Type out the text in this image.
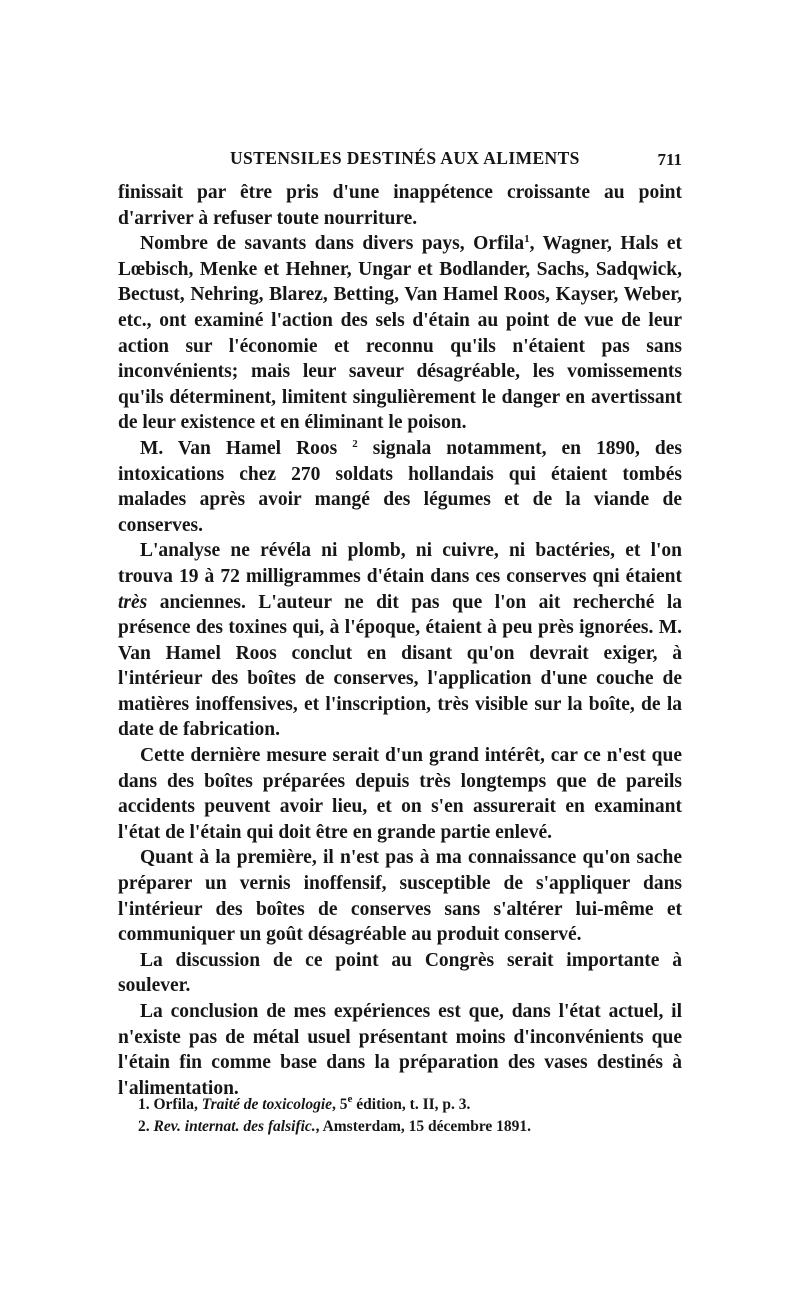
USTENSILES DESTINÉS AUX ALIMENTS	711

finissait par être pris d'une inappétence croissante au point d'arriver à refuser toute nourriture.

Nombre de savants dans divers pays, Orfila$^1$, Wagner, Hals et Lœbisch, Menke et Hehner, Ungar et Bodlander, Sachs, Sadqwick, Bectust, Nehring, Blarez, Betting, Van Hamel Roos, Kayser, Weber, etc., ont examiné l'action des sels d'étain au point de vue de leur action sur l'économie et reconnu qu'ils n'étaient pas sans inconvénients; mais leur saveur désagréable, les vomissements qu'ils déterminent, limitent singulièrement le danger en avertissant de leur existence et en éliminant le poison.

M. Van Hamel Roos $^2$ signala notamment, en 1890, des intoxications chez 270 soldats hollandais qui étaient tombés malades après avoir mangé des légumes et de la viande de conserves.

L'analyse ne révéla ni plomb, ni cuivre, ni bactéries, et l'on trouva 19 à 72 milligrammes d'étain dans ces conserves qni étaient très anciennes. L'auteur ne dit pas que l'on ait recherché la présence des toxines qui, à l'époque, étaient à peu près ignorées. M. Van Hamel Roos conclut en disant qu'on devrait exiger, à l'intérieur des boîtes de conserves, l'application d'une couche de matières inoffensives, et l'inscription, très visible sur la boîte, de la date de fabrication.

Cette dernière mesure serait d'un grand intérêt, car ce n'est que dans des boîtes préparées depuis très longtemps que de pareils accidents peuvent avoir lieu, et on s'en assurerait en examinant l'état de l'étain qui doit être en grande partie enlevé.

Quant à la première, il n'est pas à ma connaissance qu'on sache préparer un vernis inoffensif, susceptible de s'appliquer dans l'intérieur des boîtes de conserves sans s'altérer lui-même et communiquer un goût désagréable au produit conservé.

La discussion de ce point au Congrès serait importante à soulever.

La conclusion de mes expériences est que, dans l'état actuel, il n'existe pas de métal usuel présentant moins d'inconvénients que l'étain fin comme base dans la préparation des vases destinés à l'alimentation.

1. Orfila, Traité de toxicologie, 5e édition, t. II, p. 3.
2. Rev. internat. des falsific., Amsterdam, 15 décembre 1891.
